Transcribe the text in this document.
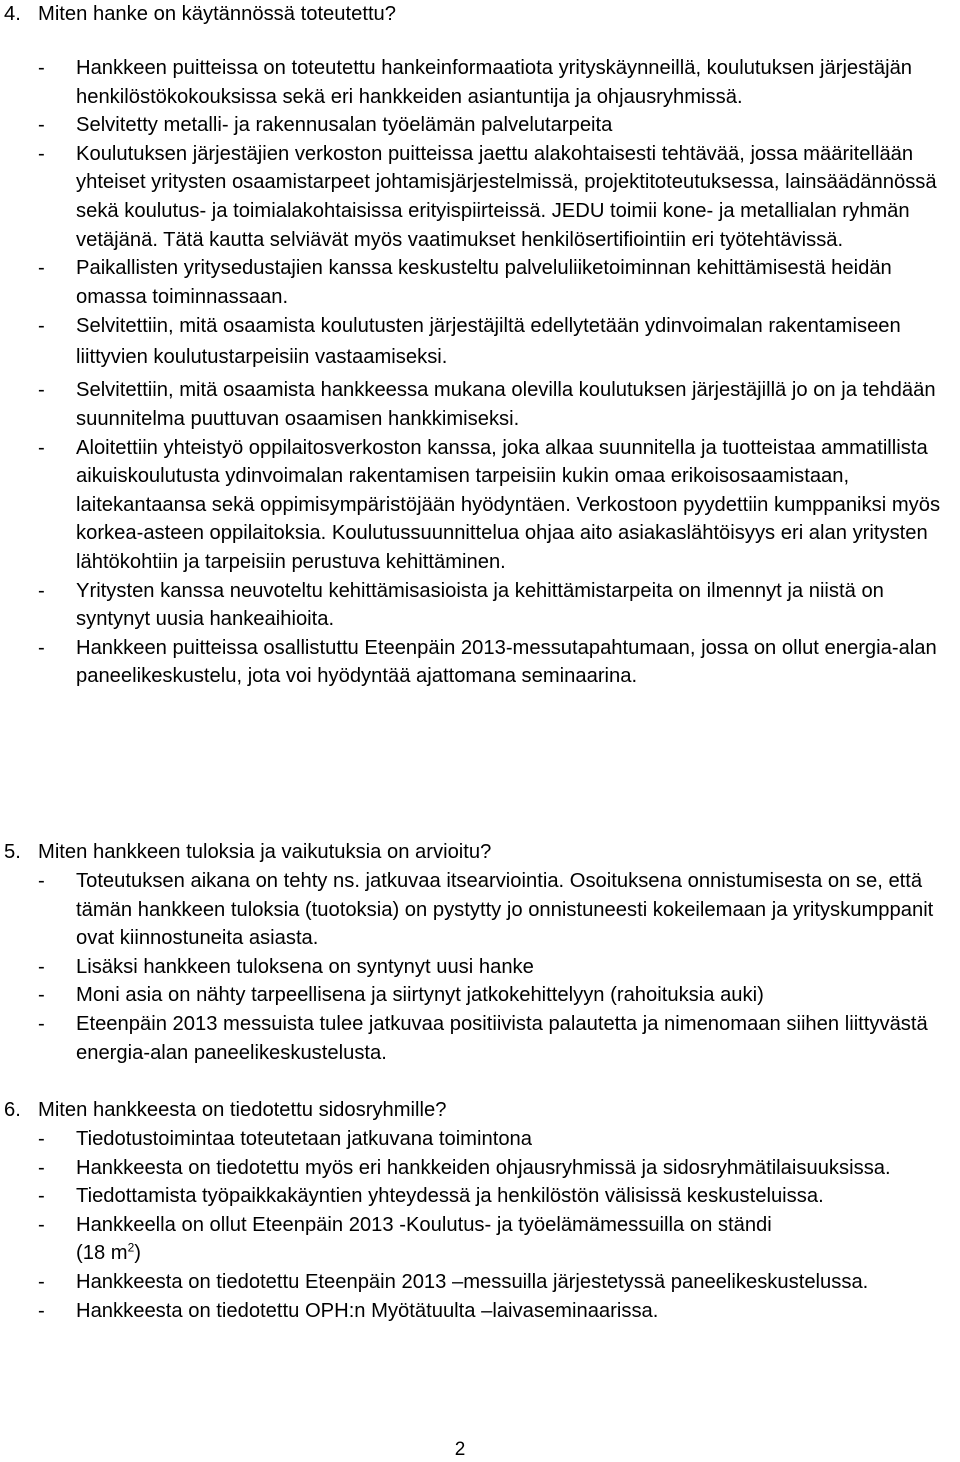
4. Miten hanke on käytännössä toteutettu?
- Hankkeen puitteissa on toteutettu hankeinformaatiota yrityskäynneillä, koulutuksen järjestäjän henkilöstökokouksissa sekä eri hankkeiden asiantuntija ja ohjausryhmissä.
- Selvitetty metalli- ja rakennusalan työelämän palvelutarpeita
- Koulutuksen järjestäjien verkoston puitteissa jaettu alakohtaisesti tehtävää, jossa määritellään yhteiset yritysten osaamistarpeet johtamisjärjestelmissä, projektitoteutuksessa, lainsäädännössä sekä koulutus- ja toimialakohtaisissa erityispiirteissä. JEDU toimii kone- ja metallialan ryhmän vetäjänä. Tätä kautta selviävät myös vaatimukset henkilösertifiointiin eri työtehtävissä.
- Paikallisten yritysedustajien kanssa keskusteltu palveluliiketoiminnan kehittämisestä heidän omassa toiminnassaan.
- Selvitettiin, mitä osaamista koulutusten järjestäjiltä edellytetään ydinvoimalan rakentamiseen liittyvien koulutustarpeisiin vastaamiseksi.
- Selvitettiin, mitä osaamista hankkeessa mukana olevilla koulutuksen järjestäjillä jo on ja tehdään suunnitelma puuttuvan osaamisen hankkimiseksi.
- Aloitettiin yhteistyö oppilaitosverkoston kanssa, joka alkaa suunnitella ja tuotteistaa ammatillista aikuiskoulutusta ydinvoimalan rakentamisen tarpeisiin kukin omaa erikoisosaamistaan, laitekantaansa sekä oppimisympäristöjään hyödyntäen. Verkostoon pyydettiin kumppaniksi myös korkea-asteen oppilaitoksia. Koulutussuunnittelua ohjaa aito asiakaslähtöisyys eri alan yritysten lähtökohtiin ja tarpeisiin perustuva kehittäminen.
- Yritysten kanssa neuvoteltu kehittämisasioista ja kehittämistarpeita on ilmennyt ja niistä on syntynyt uusia hankeaihioita.
- Hankkeen puitteissa osallistuttu Eteenpäin 2013-messutapahtumaan, jossa on ollut energia-alan paneelikeskustelu, jota voi hyödyntää ajattomana seminaarina.
5. Miten hankkeen tuloksia ja vaikutuksia on arvioitu?
- Toteutuksen aikana on tehty ns. jatkuvaa itsearviointia. Osoituksena onnistumisesta on se, että tämän hankkeen tuloksia (tuotoksia) on pystytty jo onnistuneesti kokeilemaan ja yrityskumppanit ovat kiinnostuneita asiasta.
- Lisäksi hankkeen tuloksena on syntynyt uusi hanke
- Moni asia on nähty tarpeellisena ja siirtynyt jatkokehittelyyn (rahoituksia auki)
- Eteenpäin 2013 messuista tulee jatkuvaa positiivista palautetta ja nimenomaan siihen liittyvästä energia-alan paneelikeskustelusta.
6. Miten hankkeesta on tiedotettu sidosryhmille?
- Tiedotustoimintaa toteutetaan jatkuvana toimintona
- Hankkeesta on tiedotettu myös eri hankkeiden ohjausryhmissä ja sidosryhmätilaisuuksissa.
- Tiedottamista työpaikkakäyntien yhteydessä ja henkilöstön välisissä keskusteluissa.
- Hankkeella on ollut Eteenpäin 2013 -Koulutus- ja työelämämessuilla on ständi
(18 $m^2$)
- Hankkeesta on tiedotettu Eteenpäin 2013 –messuilla järjestetyssä paneelikeskustelussa.
- Hankkeesta on tiedotettu OPH:n Myötätuulta –laivaseminaarissa.
2
